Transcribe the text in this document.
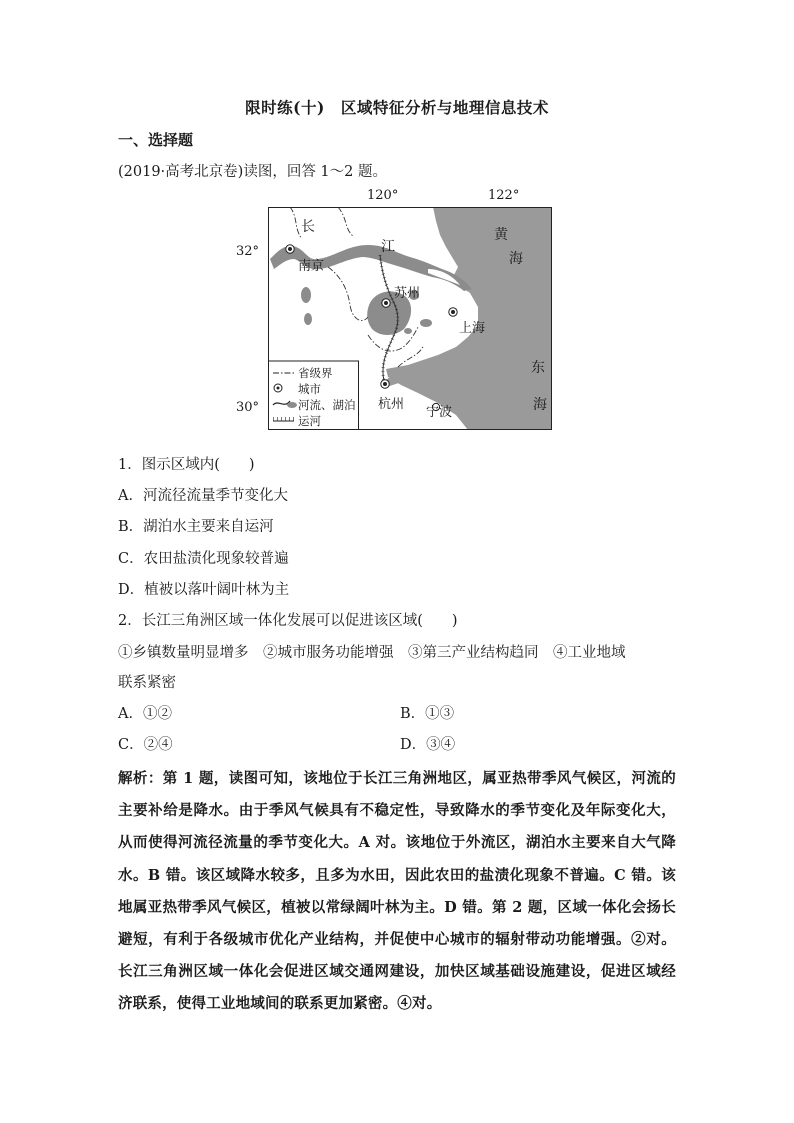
限时练(十)　区域特征分析与地理信息技术
一、选择题
(2019·高考北京卷)读图，回答 1～2 题。
120°	122°
32°
30°
长
江
南京
苏州
上海
杭州
宁波
黄
海
东
海
省级界
城市
河流、湖泊
运河
1．图示区域内(　　)
A．河流径流量季节变化大
B．湖泊水主要来自运河
C．农田盐渍化现象较普遍
D．植被以落叶阔叶林为主
2．长江三角洲区域一体化发展可以促进该区域(　　)
①乡镇数量明显增多　②城市服务功能增强　③第三产业结构趋同　④工业地域
联系紧密
A．①②	B．①③
C．②④	D．③④
解析：第 1 题，读图可知，该地位于长江三角洲地区，属亚热带季风气候区，河流的主要补给是降水。由于季风气候具有不稳定性，导致降水的季节变化及年际变化大，从而使得河流径流量的季节变化大。A 对。该地位于外流区，湖泊水主要来自大气降水。B 错。该区域降水较多，且多为水田，因此农田的盐渍化现象不普遍。C 错。该地属亚热带季风气候区，植被以常绿阔叶林为主。D 错。第 2 题，区域一体化会扬长避短，有利于各级城市优化产业结构，并促使中心城市的辐射带动功能增强。②对。长江三角洲区域一体化会促进区域交通网建设，加快区域基础设施建设，促进区域经济联系，使得工业地域间的联系更加紧密。④对。
